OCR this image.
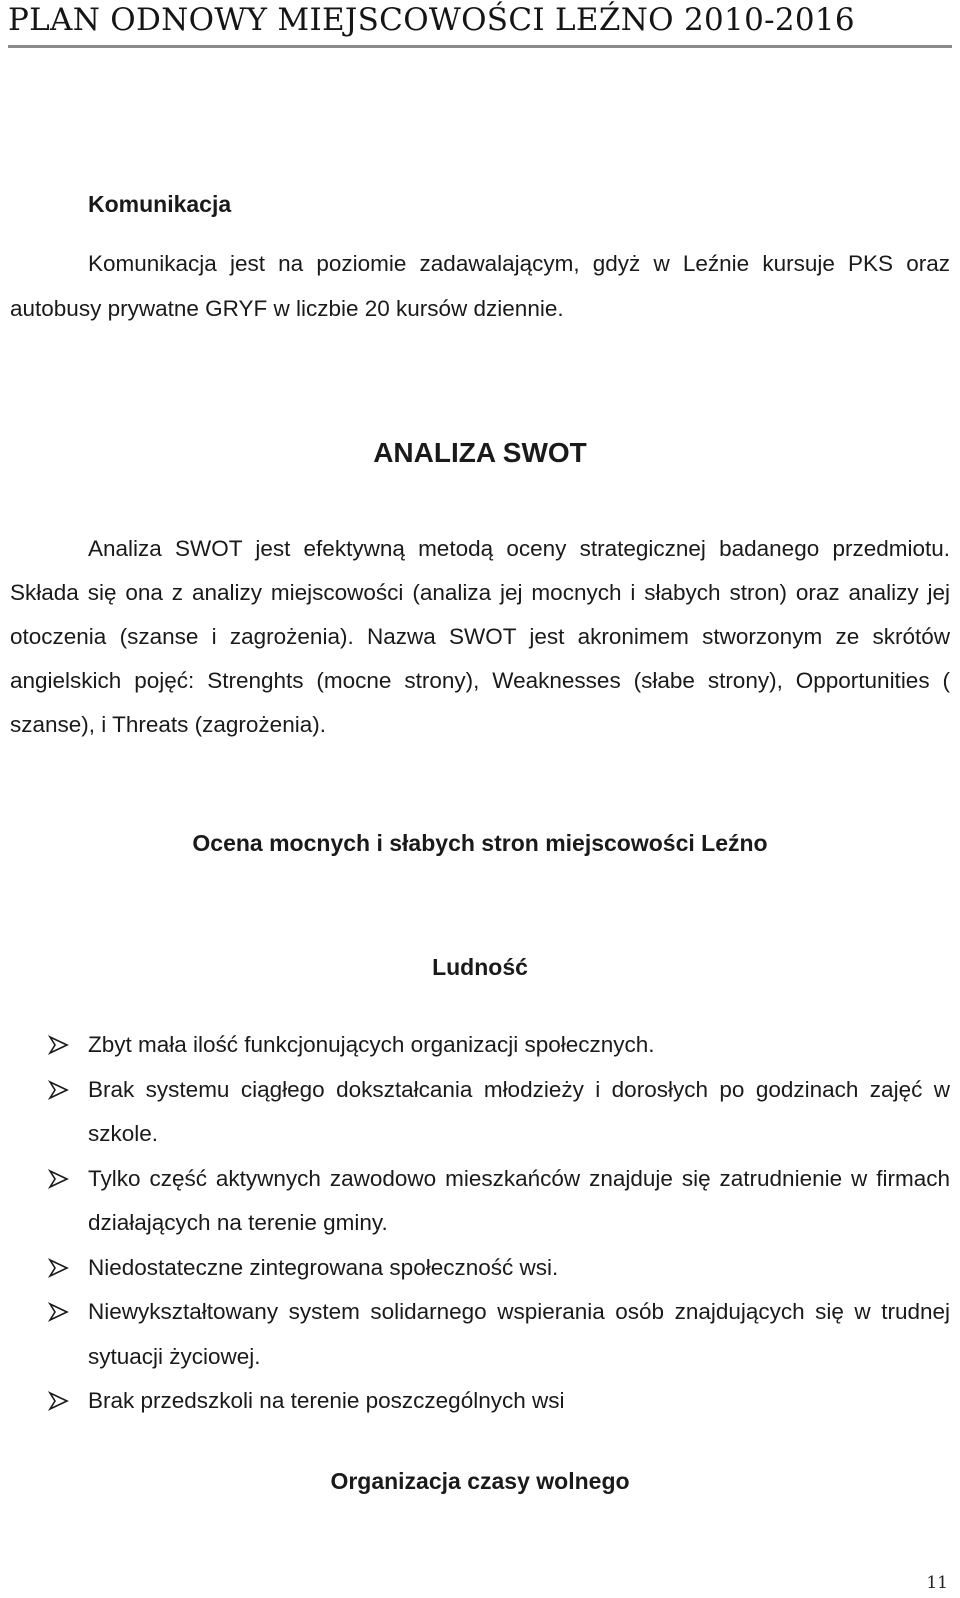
PLAN ODNOWY MIEJSCOWOŚCI LEŹNO 2010-2016
Komunikacja

Komunikacja jest na poziomie zadawalającym, gdyż w Leźnie kursuje PKS oraz autobusy prywatne GRYF w liczbie 20 kursów dziennie.

ANALIZA SWOT

Analiza SWOT jest efektywną metodą oceny strategicznej badanego przedmiotu. Składa się ona z analizy miejscowości (analiza jej mocnych i słabych stron) oraz analizy jej otoczenia (szanse i zagrożenia). Nazwa SWOT jest akronimem stworzonym ze skrótów angielskich pojęć: Strenghts (mocne strony), Weaknesses (słabe strony), Opportunities ( szanse), i Threats (zagrożenia).

Ocena mocnych i słabych stron miejscowości Leźno
Ludność
Zbyt mała ilość funkcjonujących organizacji społecznych.
Brak systemu ciągłego dokształcania młodzieży i dorosłych po godzinach zajęć w szkole.
Tylko część aktywnych zawodowo mieszkańców znajduje się zatrudnienie w firmach działających na terenie gminy.
Niedostateczne zintegrowana społeczność wsi.
Niewykształtowany system solidarnego wspierania osób znajdujących się w trudnej sytuacji życiowej.
Brak przedszkoli na terenie poszczególnych wsi
Organizacja czasy wolnego
11
